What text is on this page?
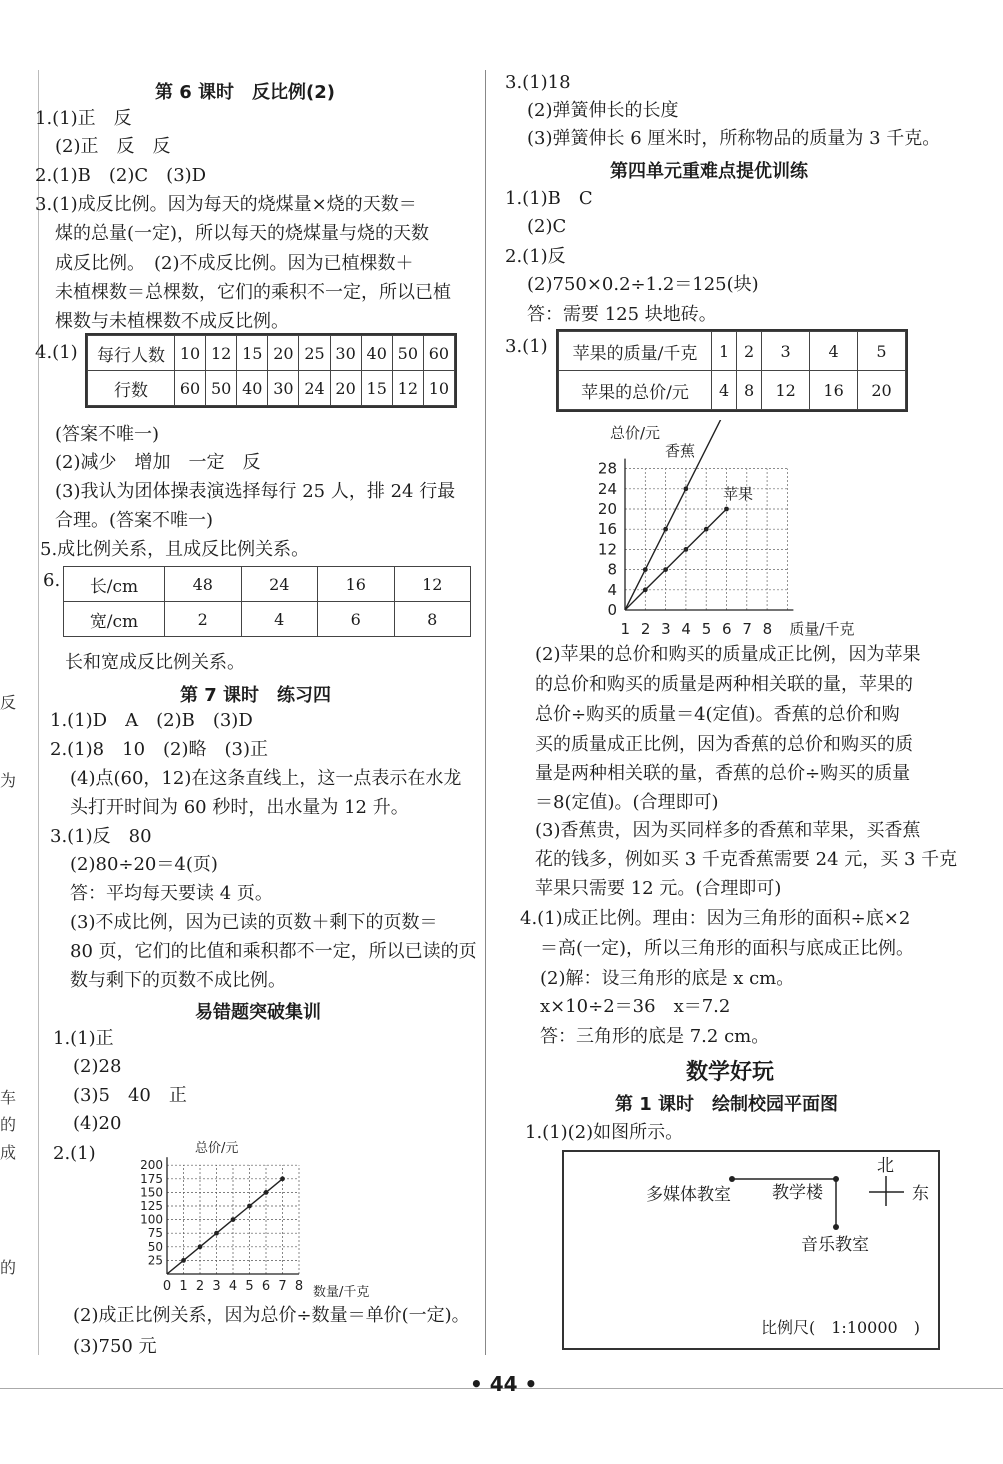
车
的
成
为
的
反
第 6 课时　反比例(2)
1.(1)正　反
(2)正　反　反
2.(1)B　(2)C　(3)D
3.(1)成反比例。因为每天的烧煤量×烧的天数＝
煤的总量(一定)，所以每天的烧煤量与烧的天数
成反比例。　(2)不成反比例。因为已植棵数＋
未植棵数＝总棵数，它们的乘积不一定，所以已植
棵数与未植棵数不成反比例。
4.(1) 每行人数	10	12	15	20	25	30	40	50	60
行数	60	50	40	30	24	20	15	12	10
(答案不唯一)
(2)减少　增加　一定　反
(3)我认为团体操表演选择每行 25 人，排 24 行最
合理。(答案不唯一)
5.成比例关系，且成反比例关系。
6. 长/cm	48	24	16	12
宽/cm	2	4	6	8
长和宽成反比例关系。
第 7 课时　练习四
1.(1)D　A　(2)B　(3)D
2.(1)8　10　(2)略　(3)正
(4)点(60，12)在这条直线上，这一点表示在水龙
头打开时间为 60 秒时，出水量为 12 升。
3.(1)反　80
(2)80÷20＝4(页)
答：平均每天要读 4 页。
(3)不成比例，因为已读的页数＋剩下的页数＝
80 页，它们的比值和乘积都不一定，所以已读的页
数与剩下的页数不成比例。
易错题突破集训
1.(1)正
(2)28
(3)5　40　正
(4)20
2.(1)
200
175
150
125
100
75
50
25
0 1 2 3 4 5 6 7 8
总价/元
数量/千克
(2)成正比例关系，因为总价÷数量＝单价(一定)。
(3)750 元
3.(1)18
(2)弹簧伸长的长度
(3)弹簧伸长 6 厘米时，所称物品的质量为 3 千克。
第四单元重难点提优训练
1.(1)B　C
(2)C
2.(1)反
(2)750×0.2÷1.2＝125(块)
答：需要 125 块地砖。
3.(1) 苹果的质量/千克	1	2	3	4	5
苹果的总价/元	4	8	12	16	20
28
24
20
16
12
8
4
0
1 2 3 4 5 6 7 8
总价/元
质量/千克
香蕉
苹果
(2)苹果的总价和购买的质量成正比例，因为苹果
的总价和购买的质量是两种相关联的量，苹果的
总价÷购买的质量＝4(定值)。香蕉的总价和购
买的质量成正比例，因为香蕉的总价和购买的质
量是两种相关联的量，香蕉的总价÷购买的质量
＝8(定值)。(合理即可)
(3)香蕉贵，因为买同样多的香蕉和苹果，买香蕉
花的钱多，例如买 3 千克香蕉需要 24 元，买 3 千克
苹果只需要 12 元。(合理即可)
4.(1)成正比例。理由：因为三角形的面积÷底×2
＝高(一定)，所以三角形的面积与底成正比例。
(2)解：设三角形的底是 x cm。
x×10÷2＝36　x＝7.2
答：三角形的底是 7.2 cm。
数学好玩
第 1 课时　绘制校园平面图
1.(1)(2)如图所示。
北
东
多媒体教室 教学楼
音乐教室
比例尺(　1:10000　)
• 44 •
